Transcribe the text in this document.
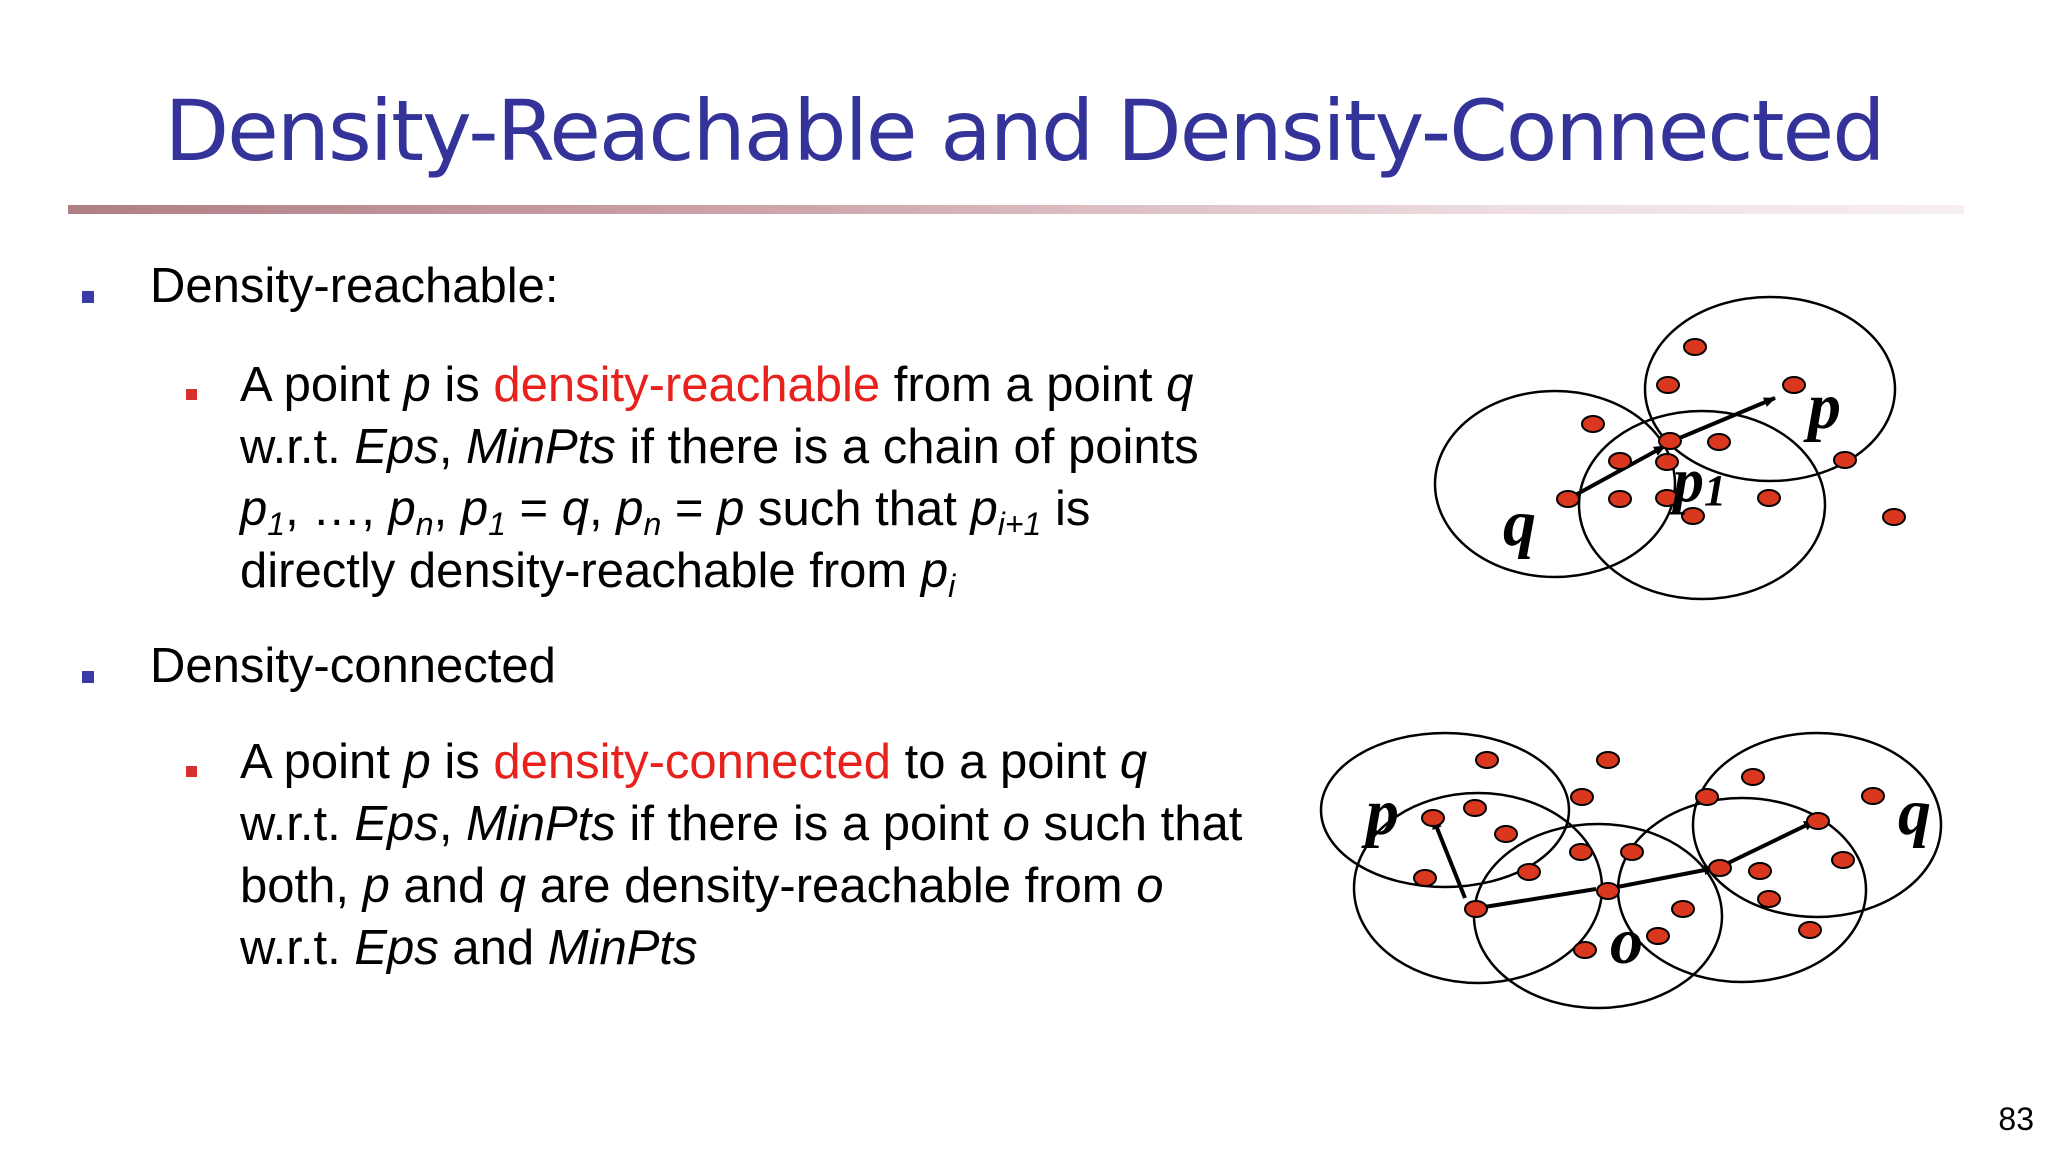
Density-Reachable and Density-Connected
Density-reachable:
A point p is density-reachable from a point q
w.r.t. Eps, MinPts if there is a chain of points
$p_1$, …, $p_n$, $p_1 = q$, $p_n = p$ such that $p_{i+1}$ is
directly density-reachable from $p_i$
Density-connected
A point p is density-connected to a point q
w.r.t. Eps, MinPts if there is a point o such that
both, p and q are density-reachable from o
w.r.t. Eps and MinPts
q
p
p1
p	q
o
83
